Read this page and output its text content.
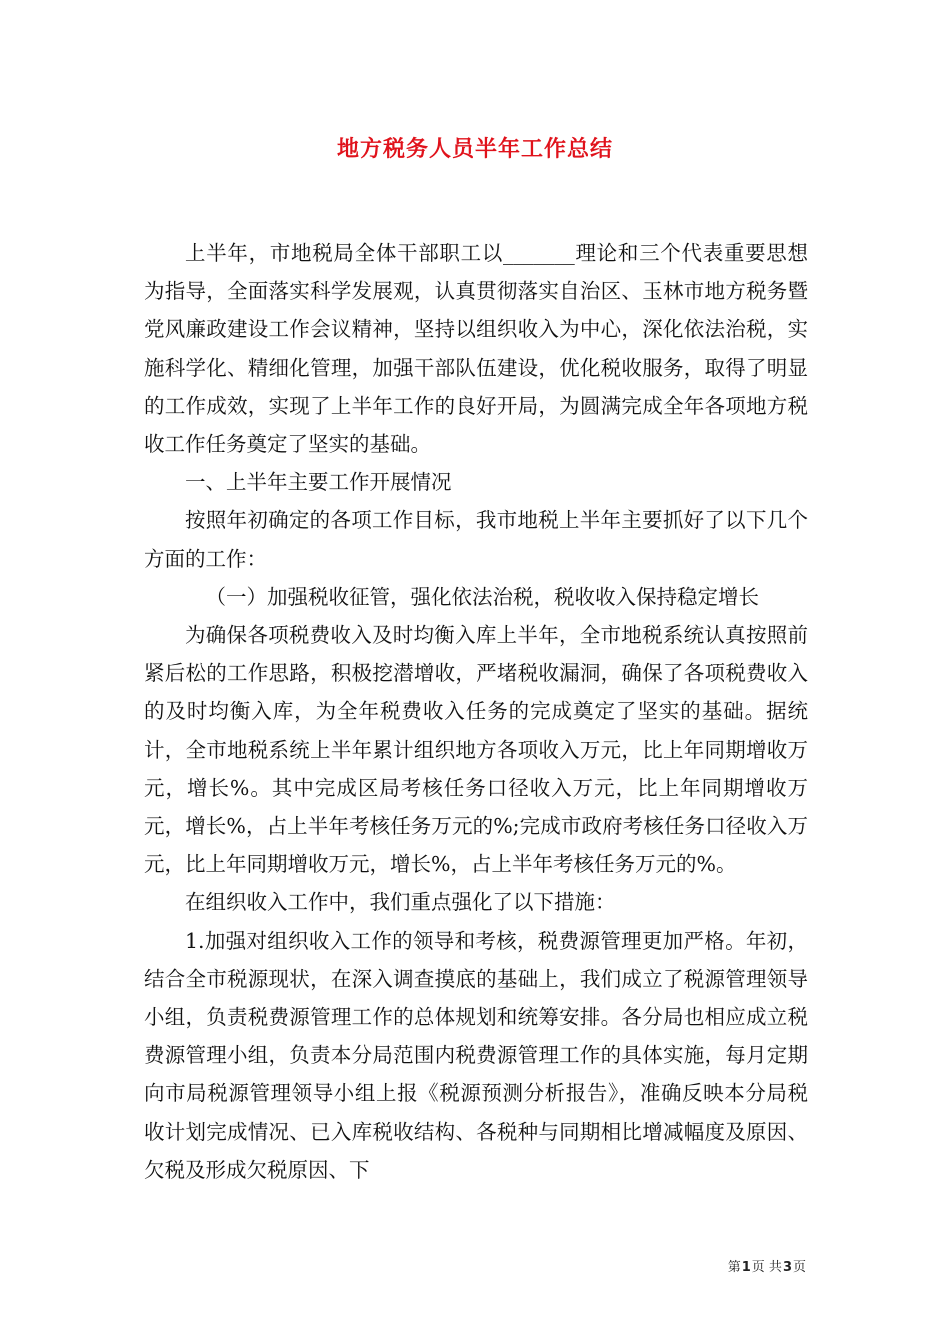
地方税务人员半年工作总结

上半年，市地税局全体干部职工以_______理论和三个代表重要思想为指导，全面落实科学发展观，认真贯彻落实自治区、玉林市地方税务暨党风廉政建设工作会议精神，坚持以组织收入为中心，深化依法治税，实施科学化、精细化管理，加强干部队伍建设，优化税收服务，取得了明显的工作成效，实现了上半年工作的良好开局，为圆满完成全年各项地方税收工作任务奠定了坚实的基础。

一、上半年主要工作开展情况

按照年初确定的各项工作目标，我市地税上半年主要抓好了以下几个方面的工作：

（一）加强税收征管，强化依法治税，税收收入保持稳定增长

为确保各项税费收入及时均衡入库上半年，全市地税系统认真按照前紧后松的工作思路，积极挖潜增收，严堵税收漏洞，确保了各项税费收入的及时均衡入库，为全年税费收入任务的完成奠定了坚实的基础。据统计，全市地税系统上半年累计组织地方各项收入万元，比上年同期增收万元，增长%。其中完成区局考核任务口径收入万元，比上年同期增收万元，增长%，占上半年考核任务万元的%;完成市政府考核任务口径收入万元，比上年同期增收万元，增长%，占上半年考核任务万元的%。

在组织收入工作中，我们重点强化了以下措施：

1.加强对组织收入工作的领导和考核，税费源管理更加严格。年初，结合全市税源现状，在深入调查摸底的基础上，我们成立了税源管理领导小组，负责税费源管理工作的总体规划和统筹安排。各分局也相应成立税费源管理小组，负责本分局范围内税费源管理工作的具体实施，每月定期向市局税源管理领导小组上报《税源预测分析报告》，准确反映本分局税收计划完成情况、已入库税收结构、各税种与同期相比增减幅度及原因、欠税及形成欠税原因、下

第1页 共3页
